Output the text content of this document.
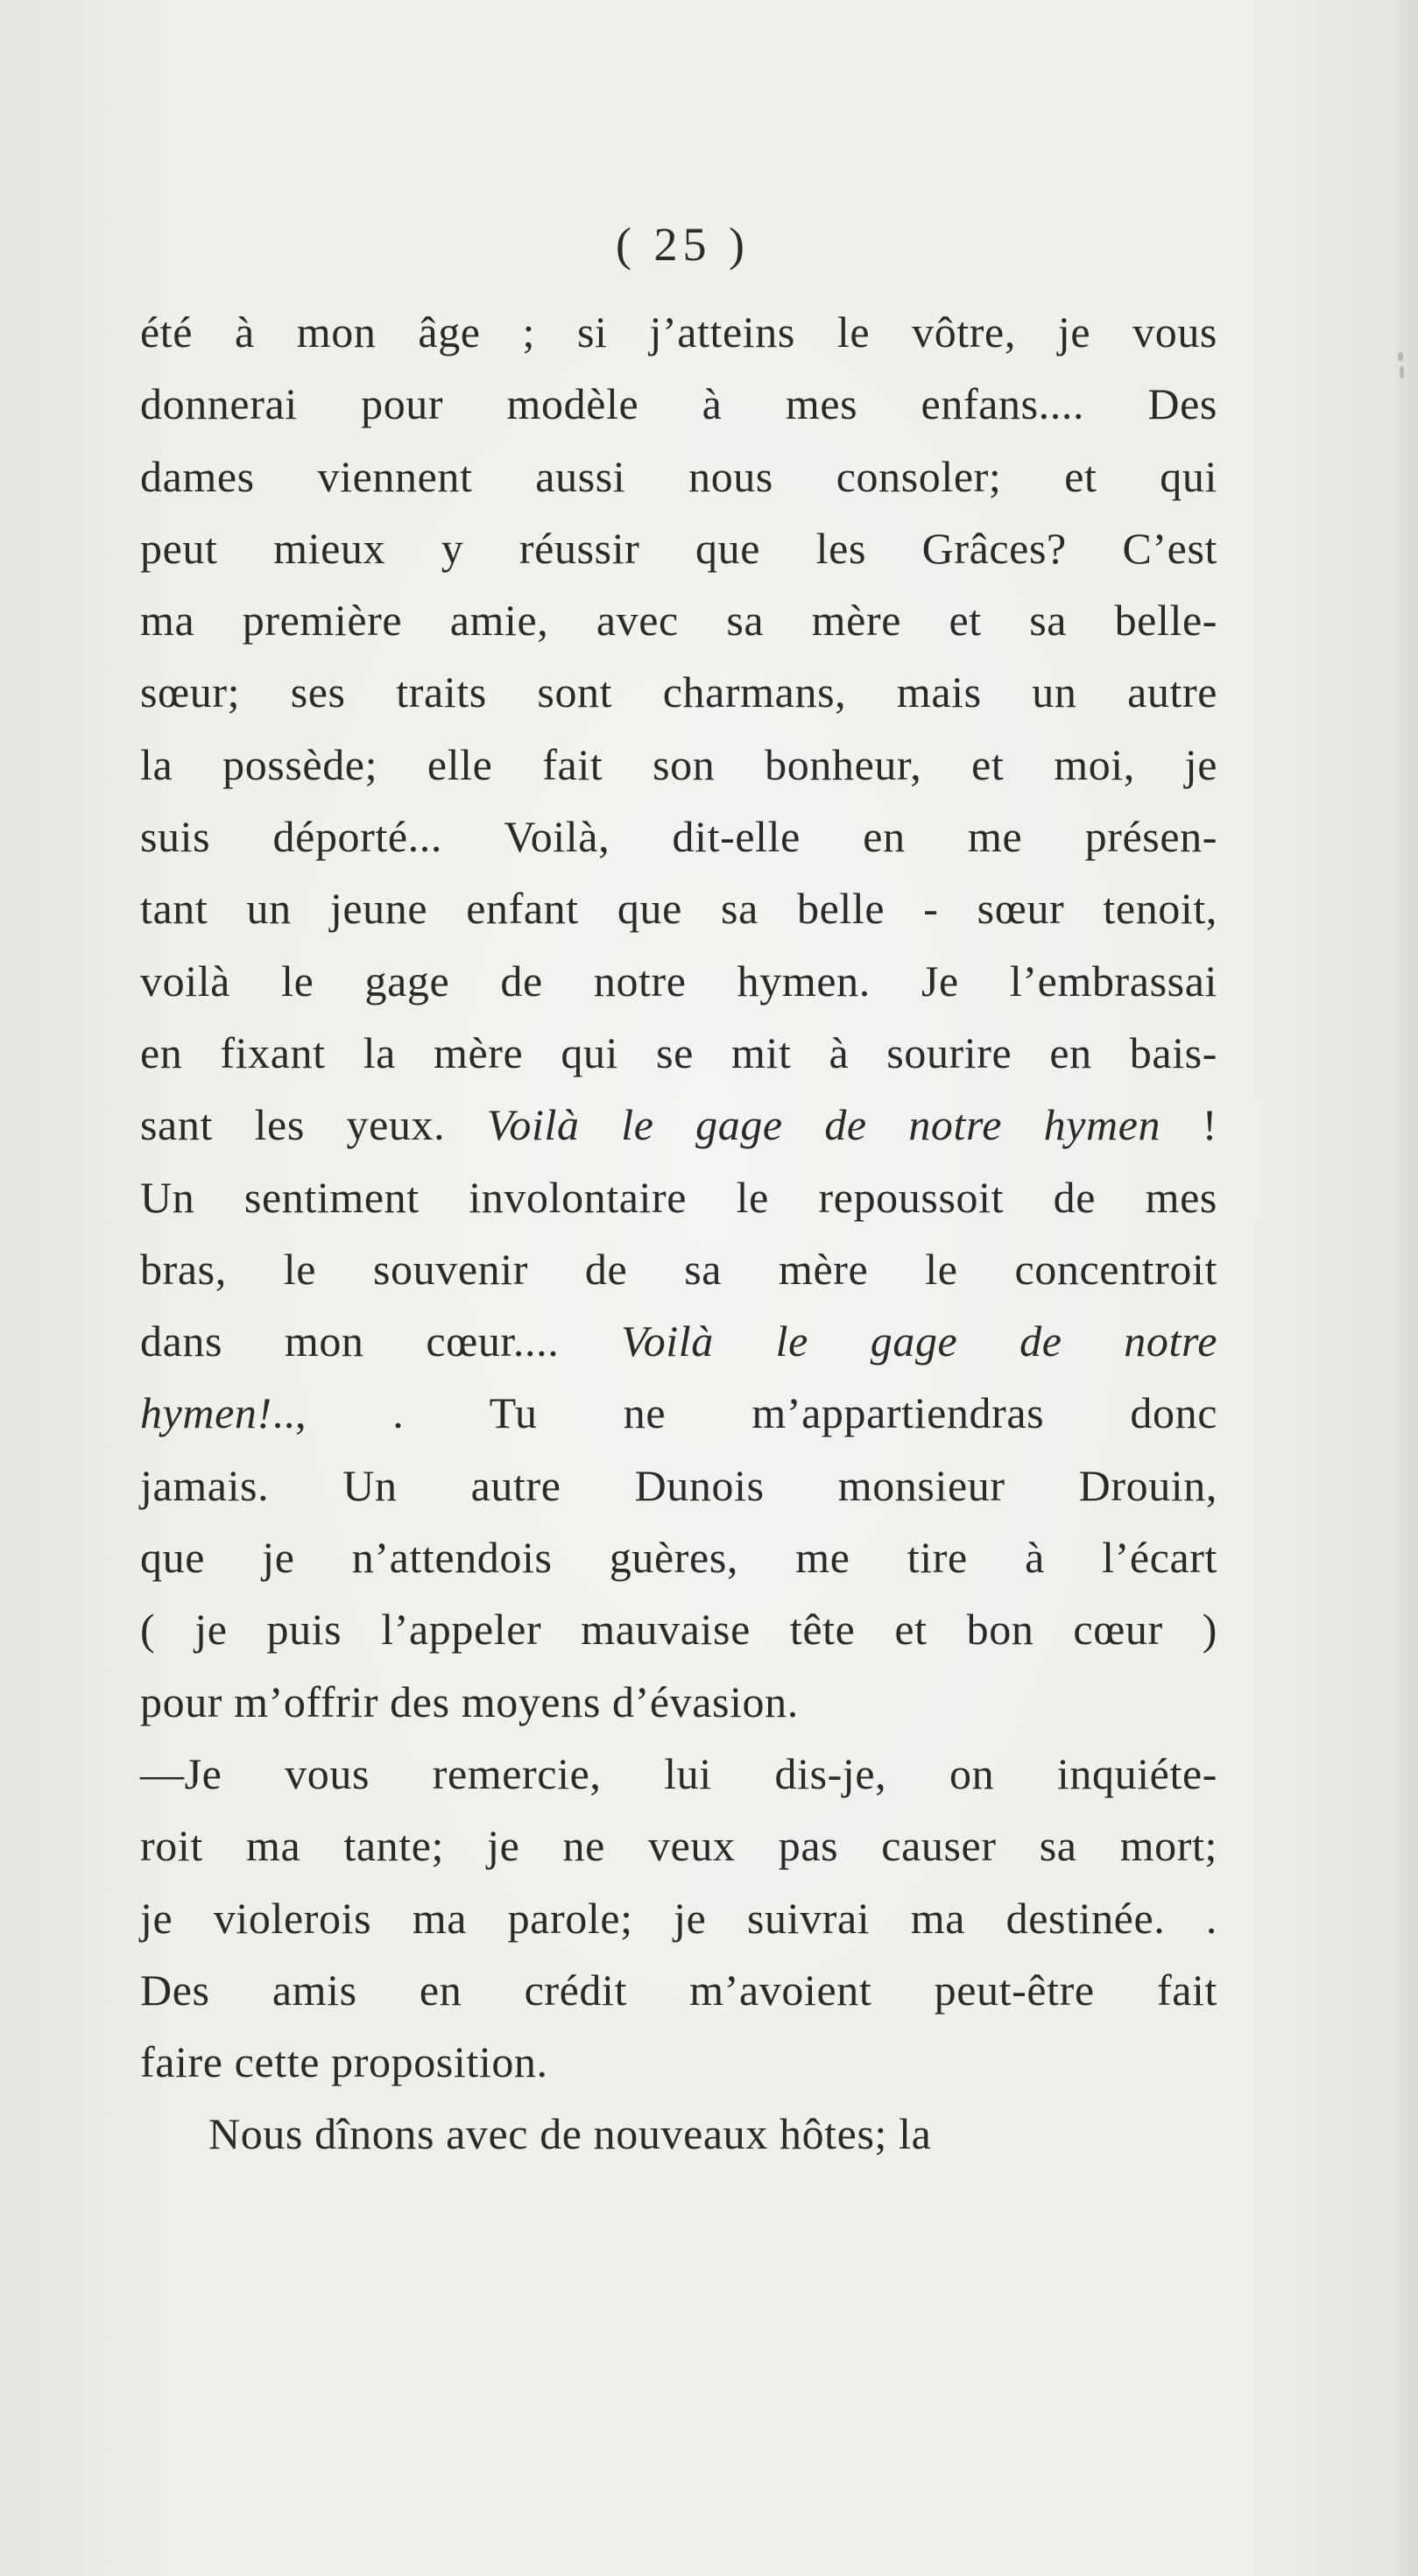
( 25 )
été à mon âge ; si j’atteins le vôtre, je vous
donnerai pour modèle à mes enfans.... Des
dames viennent aussi nous consoler; et qui
peut mieux y réussir que les Grâces? C’est
ma première amie, avec sa mère et sa belle-
sœur; ses traits sont charmans, mais un autre
la possède; elle fait son bonheur, et moi, je
suis déporté... Voilà, dit-elle en me présen-
tant un jeune enfant que sa belle - sœur tenoit,
voilà le gage de notre hymen. Je l’embrassai
en fixant la mère qui se mit à sourire en bais-
sant les yeux. Voilà le gage de notre hymen !
Un sentiment involontaire le repoussoit de mes
bras, le souvenir de sa mère le concentroit
dans mon cœur.... Voilà le gage de notre
hymen!.., . Tu ne m’appartiendras donc
jamais. Un autre Dunois monsieur Drouin,
que je n’attendois guères, me tire à l’écart
( je puis l’appeler mauvaise tête et bon cœur )
pour m’offrir des moyens d’évasion.
—Je vous remercie, lui dis-je, on inquiéte-
roit ma tante; je ne veux pas causer sa mort;
je violerois ma parole; je suivrai ma destinée. .
Des amis en crédit m’avoient peut-être fait
faire cette proposition.
Nous dînons avec de nouveaux hôtes; la
